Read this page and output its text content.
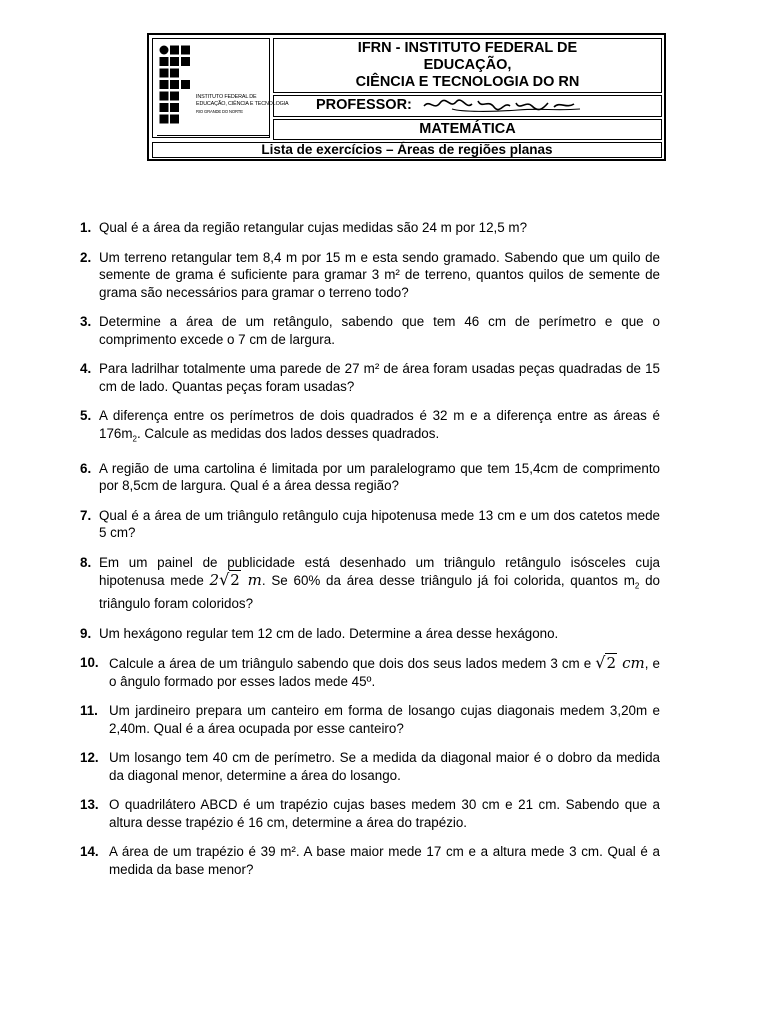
INSTITUTO FEDERAL DE
EDUCAÇÃO, CIÊNCIA E TECNOLOGIA
RIO GRANDE DO NORTE
IFRN - INSTITUTO FEDERAL DE
EDUCAÇÃO,
CIÊNCIA E TECNOLOGIA DO RN
PROFESSOR:
MATEMÁTICA
Lista de exercícios – Áreas de regiões planas
1. Qual é a área da região retangular cujas medidas são 24 m por 12,5 m?
2. Um terreno retangular tem 8,4 m por 15 m e esta sendo gramado. Sabendo que um quilo de semente de grama é suficiente para gramar 3 m² de terreno, quantos quilos de semente de grama são necessários para gramar o terreno todo?
3. Determine a área de um retângulo, sabendo que tem 46 cm de perímetro e que o comprimento excede o 7 cm de largura.
4. Para ladrilhar totalmente uma parede de 27 m² de área foram usadas peças quadradas de 15 cm de lado. Quantas peças foram usadas?
5. A diferença entre os perímetros de dois quadrados é 32 m e a diferença entre as áreas é $176m_2$. Calcule as medidas dos lados desses quadrados.
6. A região de uma cartolina é limitada por um paralelogramo que tem 15,4cm de comprimento por 8,5cm de largura. Qual é a área dessa região?
7. Qual é a área de um triângulo retângulo cuja hipotenusa mede 13 cm e um dos catetos mede 5 cm?
8. Em um painel de publicidade está desenhado um triângulo retângulo isósceles cuja hipotenusa mede 2√2 m. Se 60% da área desse triângulo já foi colorida, quantos $m_2$ do triângulo foram coloridos?
9. Um hexágono regular tem 12 cm de lado. Determine a área desse hexágono.
10. Calcule a área de um triângulo sabendo que dois dos seus lados medem 3 cm e √2 cm, e o ângulo formado por esses lados mede 45º.
11. Um jardineiro prepara um canteiro em forma de losango cujas diagonais medem 3,20m e 2,40m. Qual é a área ocupada por esse canteiro?
12. Um losango tem 40 cm de perímetro. Se a medida da diagonal maior é o dobro da medida da diagonal menor, determine a área do losango.
13. O quadrilátero ABCD é um trapézio cujas bases medem 30 cm e 21 cm. Sabendo que a altura desse trapézio é 16 cm, determine a área do trapézio.
14. A área de um trapézio é 39 m². A base maior mede 17 cm e a altura mede 3 cm. Qual é a medida da base menor?
